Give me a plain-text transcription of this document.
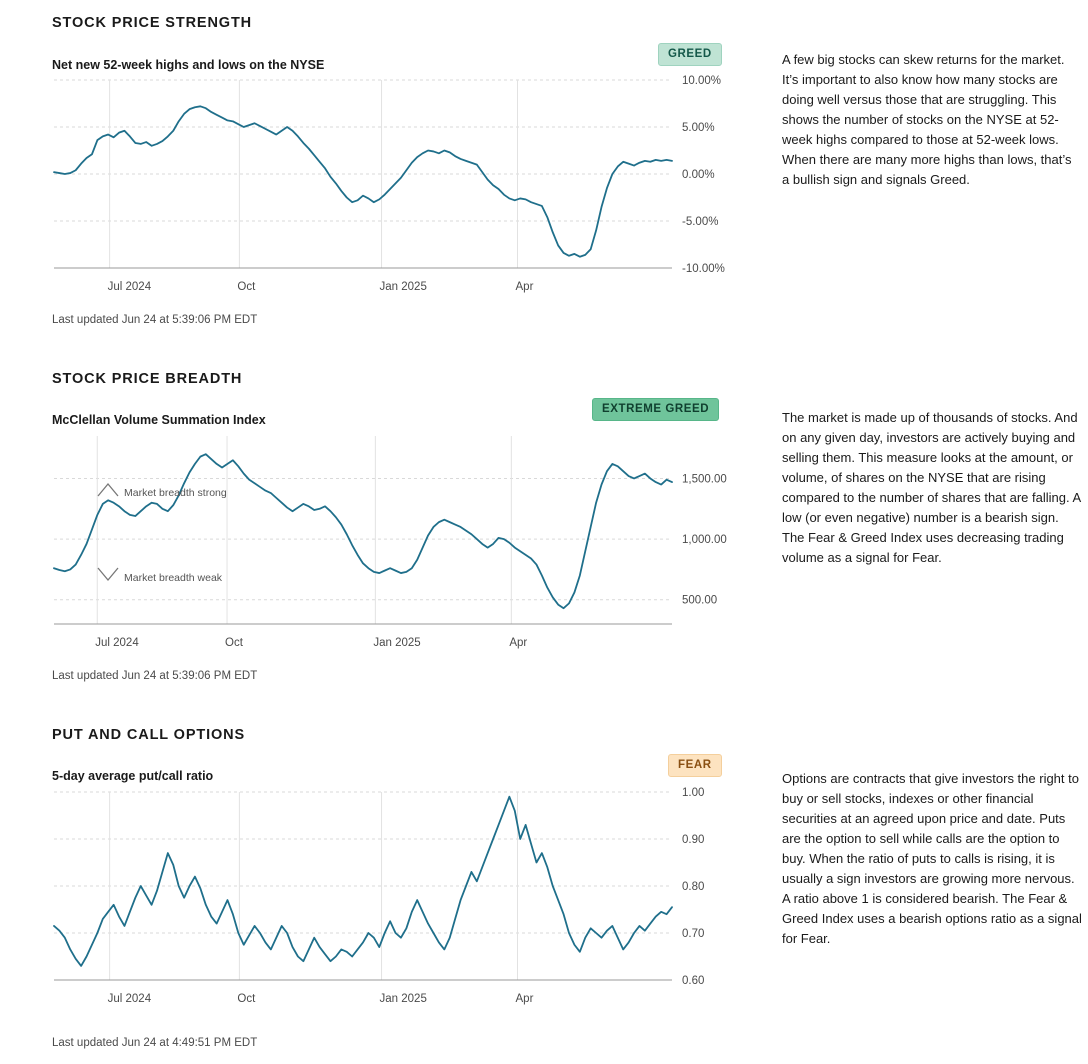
STOCK PRICE STRENGTH
Net new 52-week highs and lows on the NYSE
GREED
10.00%
5.00%
0.00%
-5.00%
-10.00%
Jul 2024	Oct	Jan 2025	Apr
Last updated Jun 24 at 5:39:06 PM EDT
A few big stocks can skew returns for the market. It’s important to also know how many stocks are doing well versus those that are struggling. This shows the number of stocks on the NYSE at 52-week highs compared to those at 52-week lows. When there are many more highs than lows, that’s a bullish sign and signals Greed.
STOCK PRICE BREADTH
McClellan Volume Summation Index
EXTREME GREED
1,500.00
1,000.00
500.00
Jul 2024	Oct	Jan 2025	Apr
Market breadth strong
Market breadth weak
Last updated Jun 24 at 5:39:06 PM EDT
The market is made up of thousands of stocks. And on any given day, investors are actively buying and selling them. This measure looks at the amount, or volume, of shares on the NYSE that are rising compared to the number of shares that are falling. A low (or even negative) number is a bearish sign. The Fear & Greed Index uses decreasing trading volume as a signal for Fear.
PUT AND CALL OPTIONS
5-day average put/call ratio
FEAR
1.00
0.90
0.80
0.70
0.60
Jul 2024	Oct	Jan 2025	Apr
Last updated Jun 24 at 4:49:51 PM EDT
Options are contracts that give investors the right to buy or sell stocks, indexes or other financial securities at an agreed upon price and date. Puts are the option to sell while calls are the option to buy. When the ratio of puts to calls is rising, it is usually a sign investors are growing more nervous. A ratio above 1 is considered bearish. The Fear & Greed Index uses a bearish options ratio as a signal for Fear.
